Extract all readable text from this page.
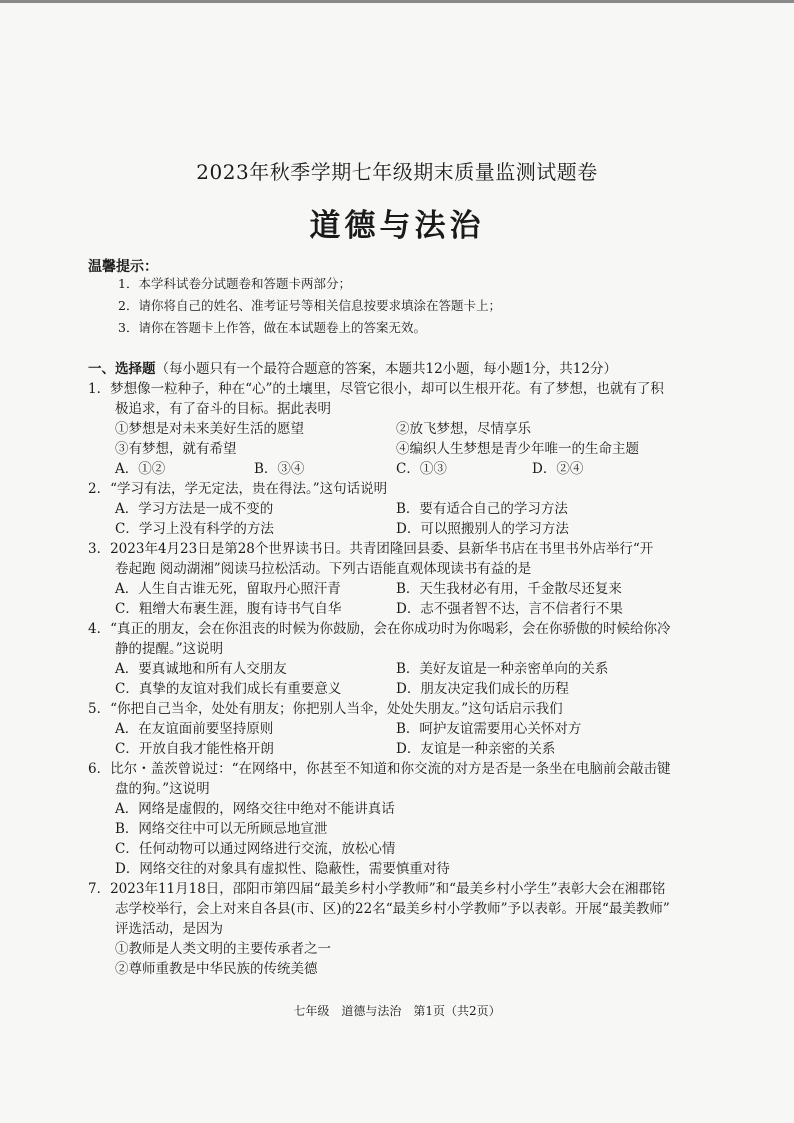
2023年秋季学期七年级期末质量监测试题卷
道德与法治
温馨提示：
1．本学科试卷分试题卷和答题卡两部分；
2．请你将自己的姓名、准考证号等相关信息按要求填涂在答题卡上；
3．请你在答题卡上作答，做在本试题卷上的答案无效。
一、选择题（每小题只有一个最符合题意的答案，本题共12小题，每小题1分，共12分）
1．梦想像一粒种子，种在“心”的土壤里，尽管它很小，却可以生根开花。有了梦想，也就有了积
极追求，有了奋斗的目标。据此表明
①梦想是对未来美好生活的愿望	②放飞梦想，尽情享乐
③有梦想，就有希望	④编织人生梦想是青少年唯一的生命主题
A．①②	B．③④	C．①③	D．②④
2．“学习有法，学无定法，贵在得法。”这句话说明
A．学习方法是一成不变的	B．要有适合自己的学习方法
C．学习上没有科学的方法	D．可以照搬别人的学习方法
3．2023年4月23日是第28个世界读书日。共青团隆回县委、县新华书店在书里书外店举行“开
卷起跑 阅动湖湘”阅读马拉松活动。下列古语能直观体现读书有益的是
A．人生自古谁无死，留取丹心照汗青	B．天生我材必有用，千金散尽还复来
C．粗缯大布裹生涯，腹有诗书气自华	D．志不强者智不达，言不信者行不果
4．“真正的朋友，会在你沮丧的时候为你鼓励，会在你成功时为你喝彩，会在你骄傲的时候给你冷
静的提醒。”这说明
A．要真诚地和所有人交朋友	B．美好友谊是一种亲密单向的关系
C．真挚的友谊对我们成长有重要意义	D．朋友决定我们成长的历程
5．“你把自己当伞，处处有朋友；你把别人当伞，处处失朋友。”这句话启示我们
A．在友谊面前要坚持原则	B．呵护友谊需要用心关怀对方
C．开放自我才能性格开朗	D．友谊是一种亲密的关系
6．比尔・盖茨曾说过：“在网络中，你甚至不知道和你交流的对方是否是一条坐在电脑前会敲击键
盘的狗。”这说明
A．网络是虚假的，网络交往中绝对不能讲真话
B．网络交往中可以无所顾忌地宣泄
C．任何动物可以通过网络进行交流，放松心情
D．网络交往的对象具有虚拟性、隐蔽性，需要慎重对待
7．2023年11月18日，邵阳市第四届“最美乡村小学教师”和“最美乡村小学生”表彰大会在湘郡铭
志学校举行，会上对来自各县(市、区)的22名“最美乡村小学教师”予以表彰。开展“最美教师”
评选活动，是因为
①教师是人类文明的主要传承者之一
②尊师重教是中华民族的传统美德
七年级　道德与法治　第1页（共2页）
